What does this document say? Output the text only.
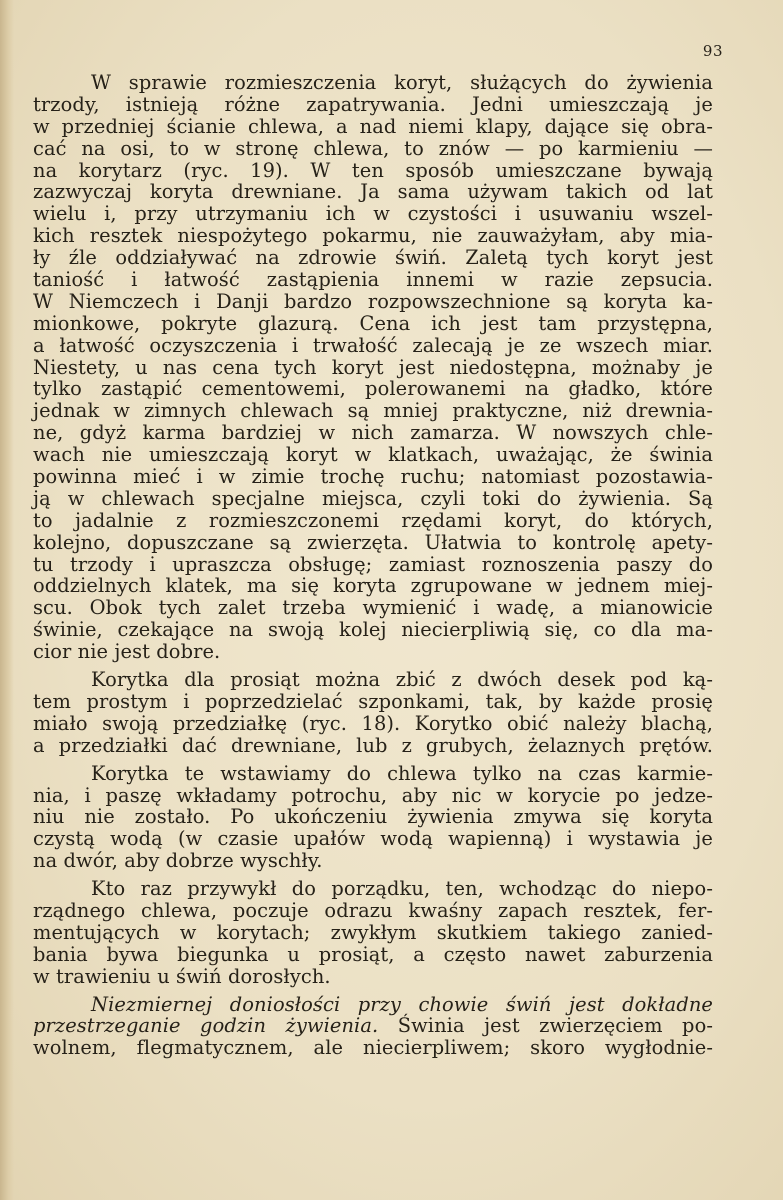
93
W sprawie rozmieszczenia koryt, służących do żywienia
trzody, istnieją różne zapatrywania. Jedni umieszczają je
w przedniej ścianie chlewa, a nad niemi klapy, dające się obra-
cać na osi, to w stronę chlewa, to znów — po karmieniu —
na korytarz (ryc. 19). W ten sposób umieszczane bywają
zazwyczaj koryta drewniane. Ja sama używam takich od lat
wielu i, przy utrzymaniu ich w czystości i usuwaniu wszel-
kich resztek niespożytego pokarmu, nie zauważyłam, aby miа-
ły źle oddziaływać na zdrowie świń. Zaletą tych koryt jest
taniość i łatwość zastąpienia innemi w razie zepsucia.
W Niemczech i Danji bardzo rozpowszechnione są koryta ka-
mionkowe, pokryte glazurą. Cena ich jest tam przystępna,
a łatwość oczyszczenia i trwałość zalecają je ze wszech miar.
Niestety, u nas cena tych koryt jest niedostępna, możnaby je
tylko zastąpić cementowemi, polerowanemi na gładko, które
jednak w zimnych chlewach są mniej praktyczne, niż drewnia-
ne, gdyż karma bardziej w nich zamarza. W nowszych chle-
wach nie umieszczają koryt w klatkach, uważając, że świnia
powinna mieć i w zimie trochę ruchu; natomiast pozostawia-
ją w chlewach specjalne miejsca, czyli toki do żywienia. Są
to jadalnie z rozmieszczonemi rzędami koryt, do których,
kolejno, dopuszczane są zwierzęta. Ułatwia to kontrolę apety-
tu trzody i upraszcza obsługę; zamiast roznoszenia paszy do
oddzielnych klatek, ma się koryta zgrupowane w jednem miej-
scu. Obok tych zalet trzeba wymienić i wadę, a mianowicie
świnie, czekające na swoją kolej niecierpliwią się, co dla ma-
cior nie jest dobre.
Korytka dla prosiąt można zbić z dwóch desek pod ką-
tem prostym i poprzedzielać szponkami, tak, by każde prosię
miało swoją przedziałkę (ryc. 18). Korytko obić należy blachą,
a przedziałki dać drewniane, lub z grubych, żelaznych prętów.
Korytka te wstawiamy do chlewa tylko na czas karmie-
nia, i paszę wkładamy potrochu, aby nic w korycie po jedze-
niu nie zostało. Po ukończeniu żywienia zmywa się koryta
czystą wodą (w czasie upałów wodą wapienną) i wystawia je
na dwór, aby dobrze wyschły.
Kto raz przywykł do porządku, ten, wchodząc do niepo-
rządnego chlewa, poczuje odrazu kwaśny zapach resztek, fer-
mentujących w korytach; zwykłym skutkiem takiego zanied-
bania bywa biegunka u prosiąt, a często nawet zaburzenia
w trawieniu u świń dorosłych.
Niezmiernej doniosłości przy chowie świń jest dokładne
przestrzeganie godzin żywienia. Świnia jest zwierzęciem po-
wolnem, flegmatycznem, ale niecierpliwem; skoro wygłodnie-
